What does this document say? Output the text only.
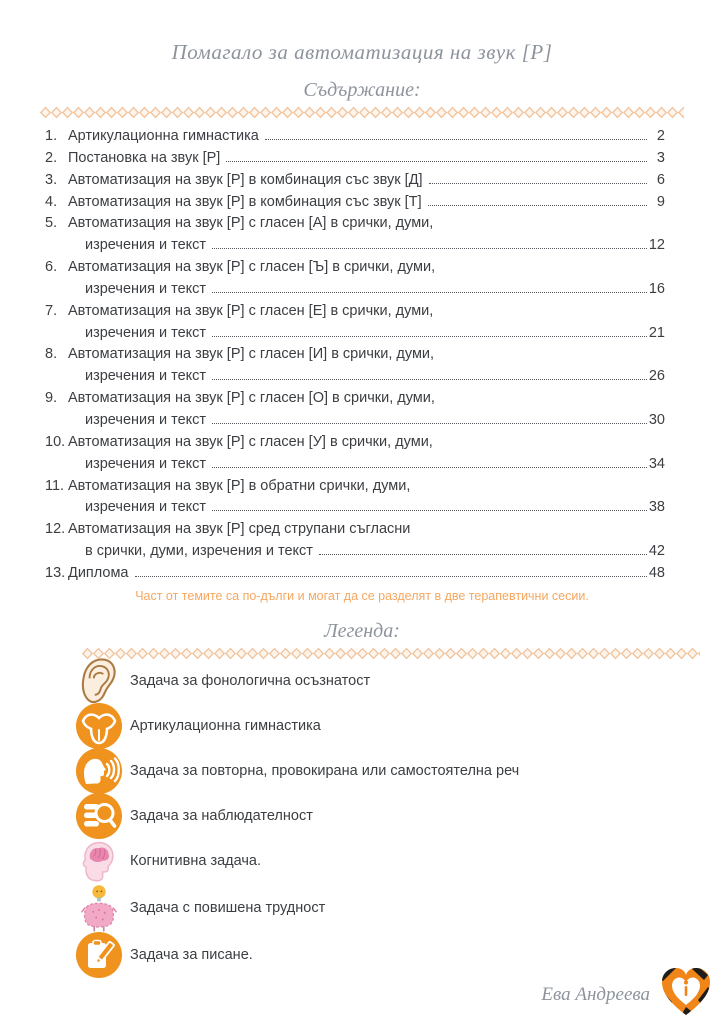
Помагало за автоматизация на звук [Р]
Съдържание:
1. Артикулационна гимнастика	2
2. Постановка на звук [Р]	3
3. Автоматизация на звук [Р] в комбинация със звук [Д]	6
4. Автоматизация на звук [Р] в комбинация със звук [Т]	9
5. Автоматизация на звук [Р] с гласен [А] в срички, думи,
изречения и текст	12
6. Автоматизация на звук [Р] с гласен [Ъ] в срички, думи,
изречения и текст	16
7. Автоматизация на звук [Р] с гласен [Е] в срички, думи,
изречения и текст	21
8. Автоматизация на звук [Р] с гласен [И] в срички, думи,
изречения и текст	26
9. Автоматизация на звук [Р] с гласен [О] в срички, думи,
изречения и текст	30
10. Автоматизация на звук [Р] с гласен [У] в срички, думи,
изречения и текст	34
11. Автоматизация на звук [Р] в обратни срички, думи,
изречения и текст	38
12. Автоматизация на звук [Р] сред струпани съгласни
в срички, думи, изречения и текст	42
13. Диплома	48
Част от темите са по-дълги и могат да се разделят в две терапевтични сесии.
Легенда:
Задача за фонологична осъзнатост
Артикулационна гимнастика
Задача за повторна, провокирана или самостоятелна реч
Задача за наблюдателност
Когнитивна задача.
Задача с повишена трудност
Задача за писане.
Ева Андреева
